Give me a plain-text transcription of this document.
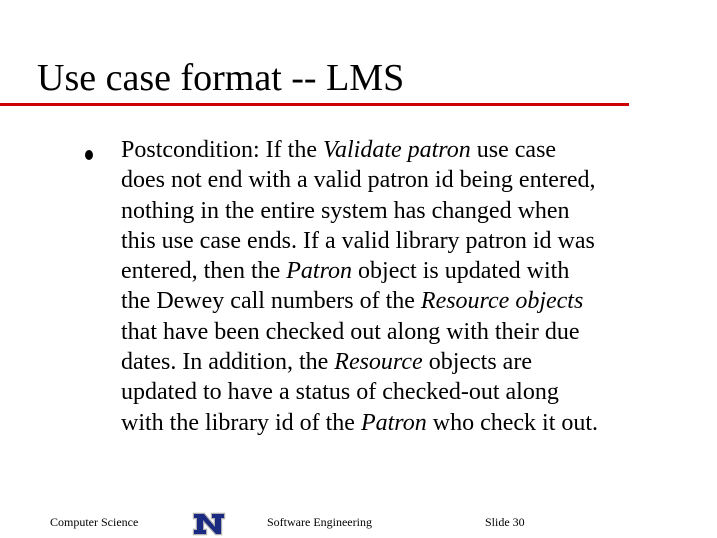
Use case format -- LMS

Postcondition: If the Validate patron use case
does not end with a valid patron id being entered,
nothing in the entire system has changed when
this use case ends. If a valid library patron id was
entered, then the Patron object is updated with
the Dewey call numbers of the Resource objects
that have been checked out along with their due
dates. In addition, the Resource objects are
updated to have a status of checked-out along
with the library id of the Patron who check it out.

Computer Science	Software Engineering	Slide 30
